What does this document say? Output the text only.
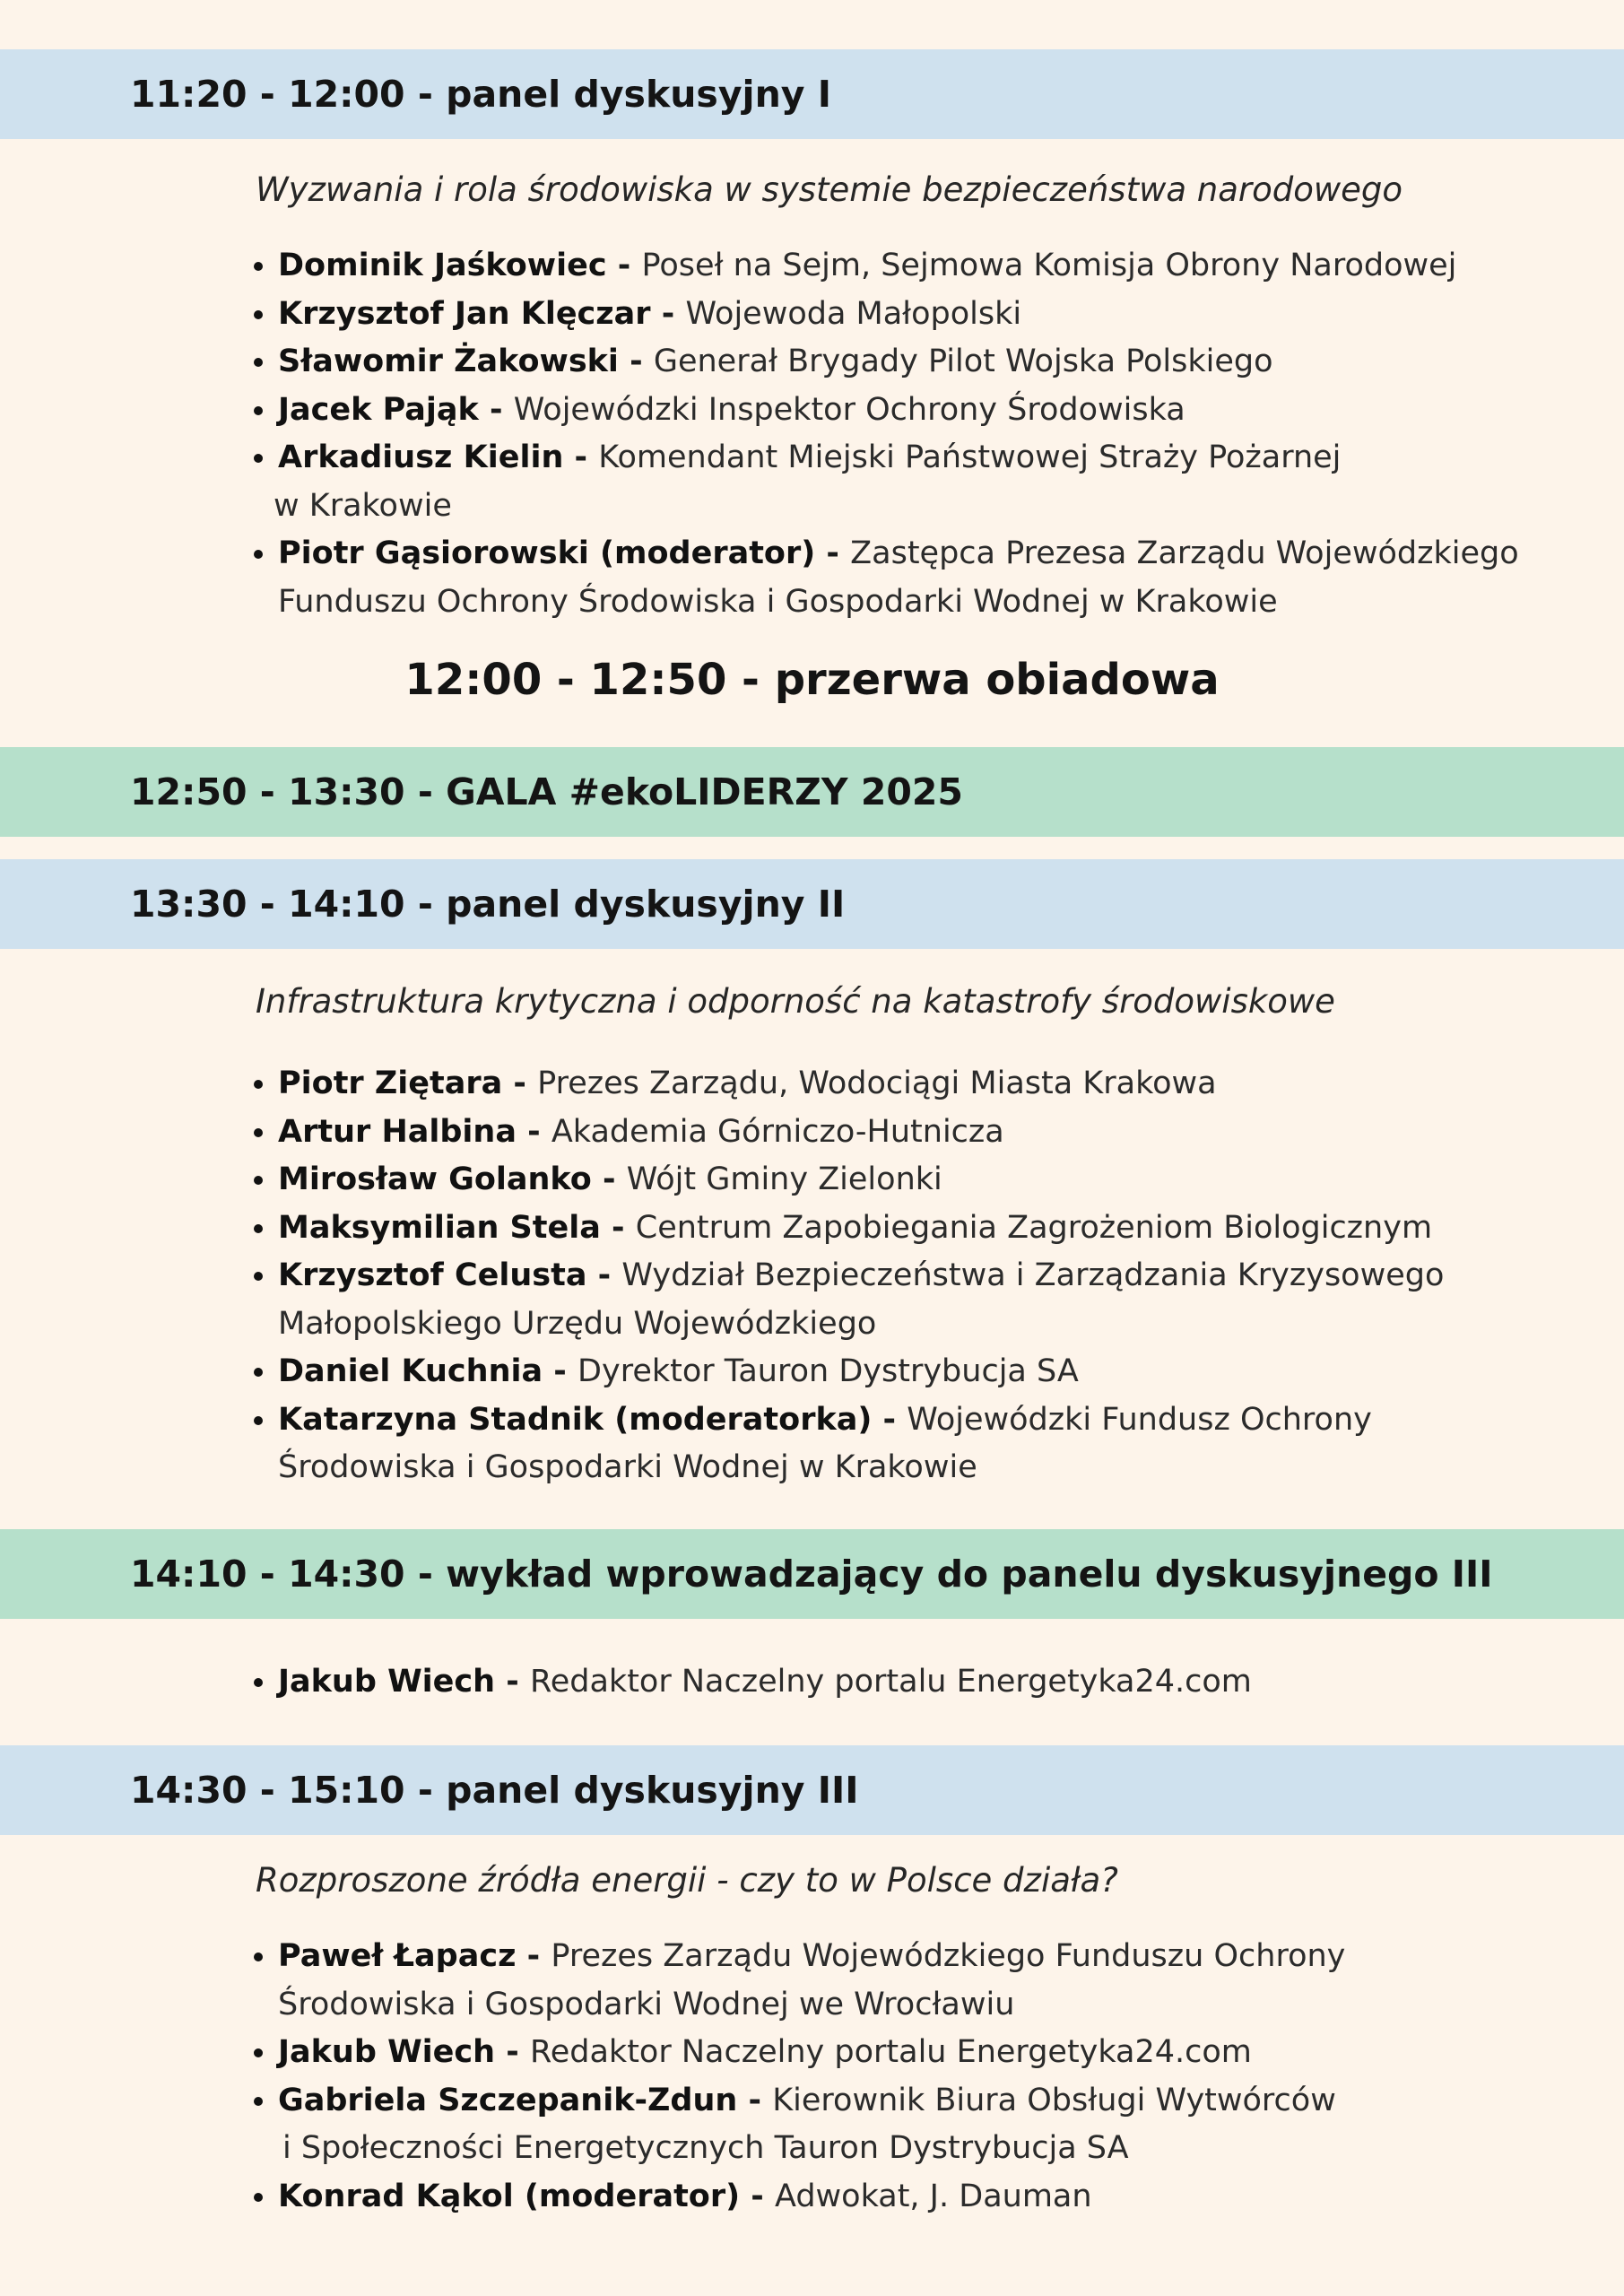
11:20 - 12:00 - panel dyskusyjny I
Wyzwania i rola środowiska w systemie bezpieczeństwa narodowego
Dominik Jaśkowiec - Poseł na Sejm, Sejmowa Komisja Obrony Narodowej
Krzysztof Jan Klęczar - Wojewoda Małopolski
Sławomir Żakowski - Generał Brygady Pilot Wojska Polskiego
Jacek Pająk - Wojewódzki Inspektor Ochrony Środowiska
Arkadiusz Kielin - Komendant Miejski Państwowej Straży Pożarnej
w Krakowie
Piotr Gąsiorowski (moderator) - Zastępca Prezesa Zarządu Wojewódzkiego
Funduszu Ochrony Środowiska i Gospodarki Wodnej w Krakowie
12:00 - 12:50 - przerwa obiadowa
12:50 - 13:30 - GALA #ekoLIDERZY 2025
13:30 - 14:10 - panel dyskusyjny II
Infrastruktura krytyczna i odporność na katastrofy środowiskowe
Piotr Ziętara - Prezes Zarządu, Wodociągi Miasta Krakowa
Artur Halbina - Akademia Górniczo-Hutnicza
Mirosław Golanko - Wójt Gminy Zielonki
Maksymilian Stela - Centrum Zapobiegania Zagrożeniom Biologicznym
Krzysztof Celusta - Wydział Bezpieczeństwa i Zarządzania Kryzysowego
Małopolskiego Urzędu Wojewódzkiego
Daniel Kuchnia - Dyrektor Tauron Dystrybucja SA
Katarzyna Stadnik (moderatorka) - Wojewódzki Fundusz Ochrony
Środowiska i Gospodarki Wodnej w Krakowie
14:10 - 14:30 - wykład wprowadzający do panelu dyskusyjnego III
Jakub Wiech - Redaktor Naczelny portalu Energetyka24.com
14:30 - 15:10 - panel dyskusyjny III
Rozproszone źródła energii - czy to w Polsce działa?
Paweł Łapacz - Prezes Zarządu Wojewódzkiego Funduszu Ochrony
Środowiska i Gospodarki Wodnej we Wrocławiu
Jakub Wiech - Redaktor Naczelny portalu Energetyka24.com
Gabriela Szczepanik-Zdun - Kierownik Biura Obsługi Wytwórców
i Społeczności Energetycznych Tauron Dystrybucja SA
Konrad Kąkol (moderator) - Adwokat, J. Dauman
